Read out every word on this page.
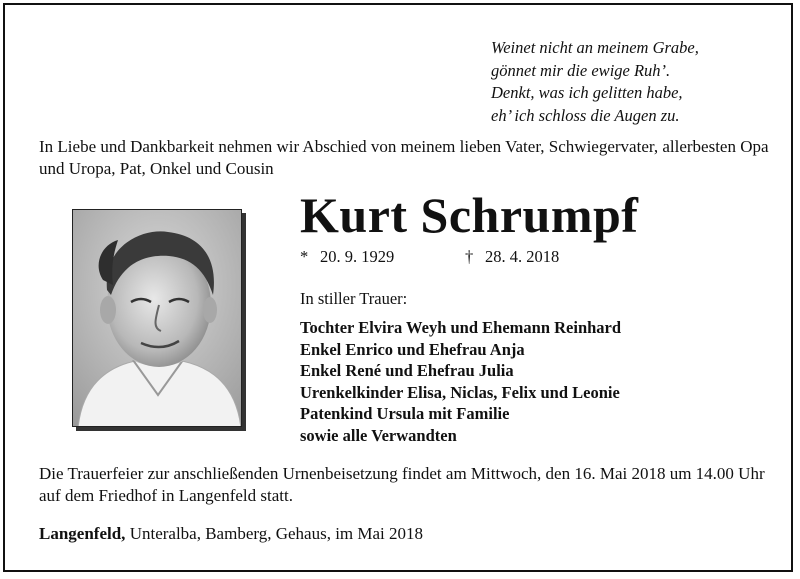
Weinet nicht an meinem Grabe,
gönnet mir die ewige Ruh’.
Denkt, was ich gelitten habe,
eh’ ich schloss die Augen zu.
In Liebe und Dankbarkeit nehmen wir Abschied von meinem lieben Vater, Schwiegervater, allerbesten Opa und Uropa, Pat, Onkel und Cousin
Kurt Schrumpf
* 20. 9. 1929	† 28. 4. 2018
In stiller Trauer:
Tochter Elvira Weyh und Ehemann Reinhard
Enkel Enrico und Ehefrau Anja
Enkel René und Ehefrau Julia
Urenkelkinder Elisa, Niclas, Felix und Leonie
Patenkind Ursula mit Familie
sowie alle Verwandten
Die Trauerfeier zur anschließenden Urnenbeisetzung findet am Mittwoch, den 16. Mai 2018 um 14.00 Uhr auf dem Friedhof in Langenfeld statt.
Langenfeld, Unteralba, Bamberg, Gehaus, im Mai 2018
